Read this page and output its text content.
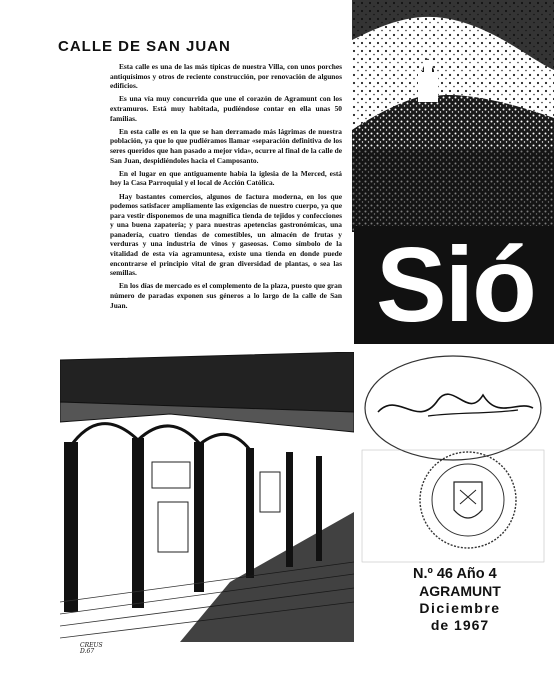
CALLE DE SAN JUAN

Esta calle es una de las más típicas de nuestra Villa, con unos porches antiquísimos y otros de reciente construcción, por renovación de algunos edificios.

Es una vía muy concurrida que une el corazón de Agramunt con los extramuros. Está muy habitada, pudiéndose contar en ella unas 50 familias.

En esta calle es en la que se han derramado más lágrimas de nuestra población, ya que lo que pudiéramos llamar «separación definitiva de los seres queridos que han pasado a mejor vida», ocurre al final de la calle de San Juan, despidiéndoles hacia el Camposanto.

En el lugar en que antiguamente había la iglesia de la Merced, está hoy la Casa Parroquial y el local de Acción Católica.

Hay bastantes comercios, algunos de factura moderna, en los que podemos satisfacer ampliamente las exigencias de nuestro cuerpo, ya que para vestir disponemos de una magnífica tienda de tejidos y confecciones y una buena zapatería; y para nuestras apetencias gastronómicas, una panadería, cuatro tiendas de comestibles, un almacén de frutas y verduras y una industria de vinos y gaseosas. Como símbolo de la vitalidad de esta vía agramuntesa, existe una tienda en donde puede encontrarse el principio vital de gran diversidad de plantas, o sea las semillas.

En los días de mercado es el complemento de la plaza, puesto que gran número de paradas exponen sus géneros a lo largo de la calle de San Juan.	Sió
CREUS
D.67
N.º 46 Año 4
AGRAMUNT
Diciembre
de 1967
